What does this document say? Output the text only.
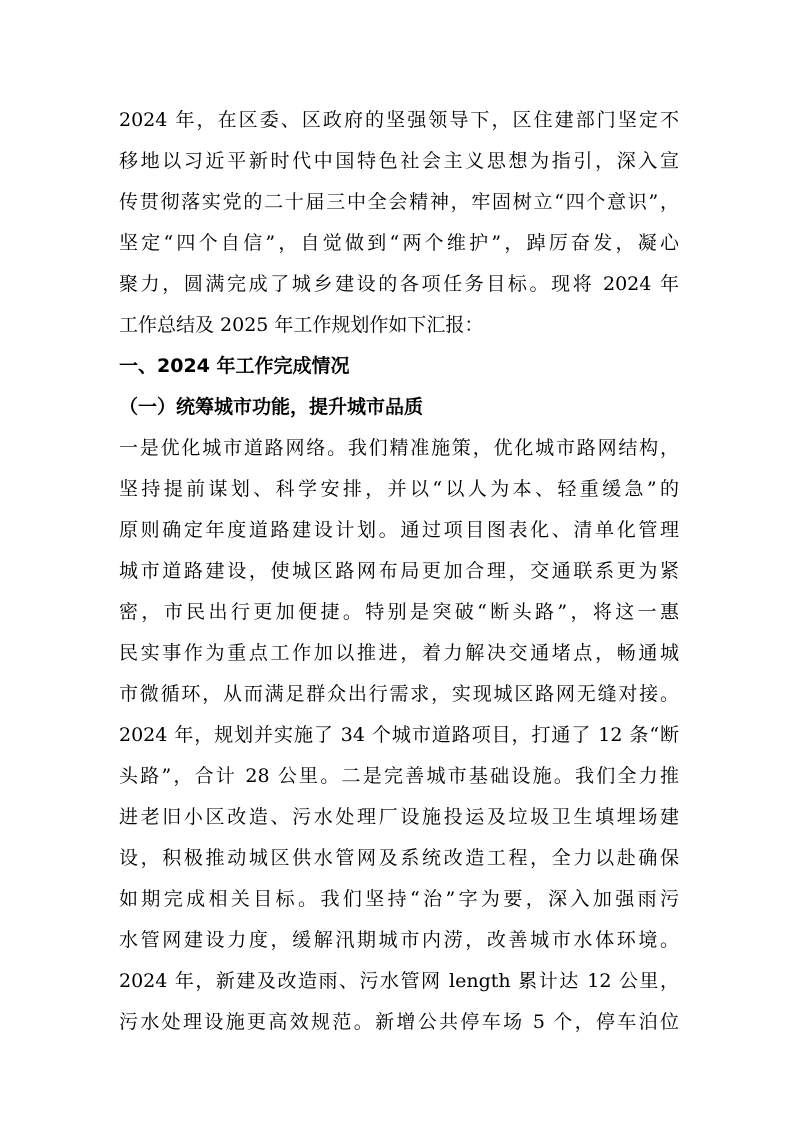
2024 年，在区委、区政府的坚强领导下，区住建部门坚定不
移地以习近平新时代中国特色社会主义思想为指引，深入宣
传贯彻落实党的二十届三中全会精神，牢固树立“四个意识”，
坚定“四个自信”，自觉做到“两个维护”，踔厉奋发，凝心
聚力，圆满完成了城乡建设的各项任务目标。现将 2024 年
工作总结及 2025 年工作规划作如下汇报：
一、2024 年工作完成情况
（一）统筹城市功能，提升城市品质
一是优化城市道路网络。我们精准施策，优化城市路网结构，
坚持提前谋划、科学安排，并以“以人为本、轻重缓急”的
原则确定年度道路建设计划。通过项目图表化、清单化管理
城市道路建设，使城区路网布局更加合理，交通联系更为紧
密，市民出行更加便捷。特别是突破“断头路”，将这一惠
民实事作为重点工作加以推进，着力解决交通堵点，畅通城
市微循环，从而满足群众出行需求，实现城区路网无缝对接。
2024 年，规划并实施了 34 个城市道路项目，打通了 12 条“断
头路”，合计 28 公里。二是完善城市基础设施。我们全力推
进老旧小区改造、污水处理厂设施投运及垃圾卫生填埋场建
设，积极推动城区供水管网及系统改造工程，全力以赴确保
如期完成相关目标。我们坚持“治”字为要，深入加强雨污
水管网建设力度，缓解汛期城市内涝，改善城市水体环境。
2024 年，新建及改造雨、污水管网 length 累计达 12 公里，
污水处理设施更高效规范。新增公共停车场 5 个，停车泊位
